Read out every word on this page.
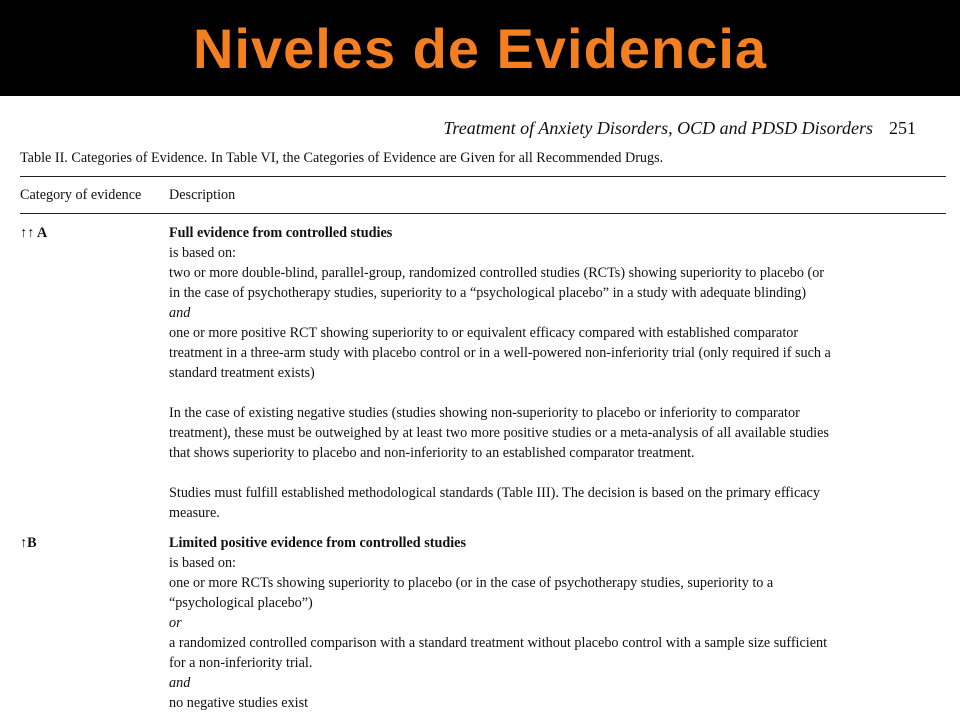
Niveles de Evidencia
Treatment of Anxiety Disorders, OCD and PDSD Disorders 251
Table II. Categories of Evidence. In Table VI, the Categories of Evidence are Given for all Recommended Drugs.
Category of evidence Description
↑↑ A	Full evidence from controlled studies

is based on:

two or more double-blind, parallel-group, randomized controlled studies (RCTs) showing superiority to placebo (or

in the case of psychotherapy studies, superiority to a “psychological placebo” in a study with adequate blinding)

and

one or more positive RCT showing superiority to or equivalent efficacy compared with established comparator

treatment in a three-arm study with placebo control or in a well-powered non-inferiority trial (only required if such a

standard treatment exists)

In the case of existing negative studies (studies showing non-superiority to placebo or inferiority to comparator

treatment), these must be outweighed by at least two more positive studies or a meta-analysis of all available studies

that shows superiority to placebo and non-inferiority to an established comparator treatment.

Studies must fulfill established methodological standards (Table III). The decision is based on the primary efficacy

measure.

↑B	Limited positive evidence from controlled studies

is based on:

one or more RCTs showing superiority to placebo (or in the case of psychotherapy studies, superiority to a

“psychological placebo”)

or

a randomized controlled comparison with a standard treatment without placebo control with a sample size sufficient

for a non-inferiority trial.

and

no negative studies exist
